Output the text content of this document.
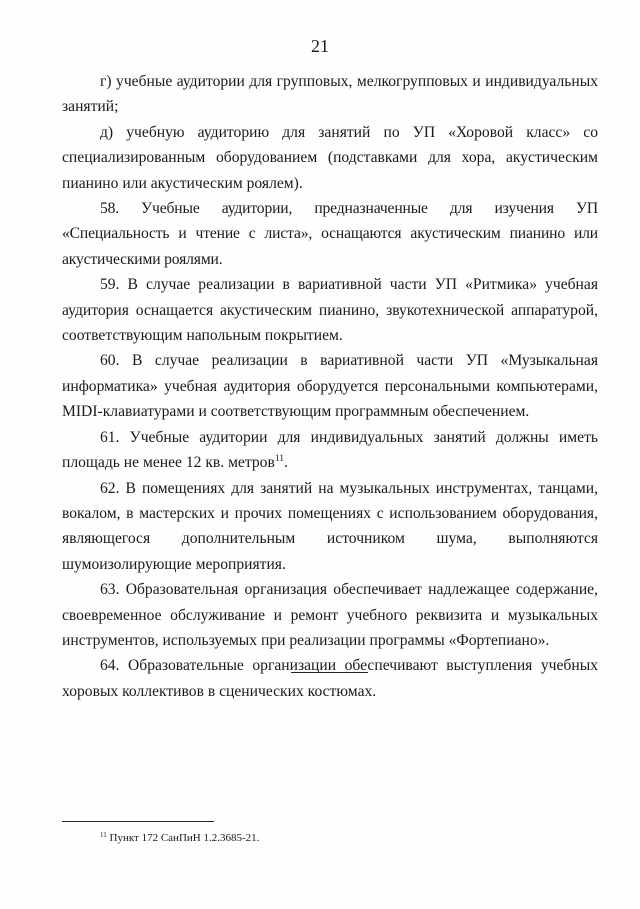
21

г) учебные аудитории для групповых, мелкогрупповых и индивидуальных занятий;

д) учебную аудиторию для занятий по УП «Хоровой класс» со специализированным оборудованием (подставками для хора, акустическим пианино или акустическим роялем).

58. Учебные аудитории, предназначенные для изучения УП «Специальность и чтение с листа», оснащаются акустическим пианино или акустическими роялями.

59. В случае реализации в вариативной части УП «Ритмика» учебная аудитория оснащается акустическим пианино, звукотехнической аппаратурой, соответствующим напольным покрытием.

60. В случае реализации в вариативной части УП «Музыкальная информатика» учебная аудитория оборудуется персональными компьютерами, MIDI-клавиатурами и соответствующим программным обеспечением.

61. Учебные аудитории для индивидуальных занятий должны иметь площадь не менее 12 кв. метров$^{11}$.

62. В помещениях для занятий на музыкальных инструментах, танцами, вокалом, в мастерских и прочих помещениях с использованием оборудования, являющегося дополнительным источником шума, выполняются шумоизолирующие мероприятия.

63. Образовательная организация обеспечивает надлежащее содержание, своевременное обслуживание и ремонт учебного реквизита и музыкальных инструментов, используемых при реализации программы «Фортепиано».

64. Образовательные организации обеспечивают выступления учебных хоровых коллективов в сценических костюмах.

$^{11}$ Пункт 172 СанПиН 1.2.3685-21.
